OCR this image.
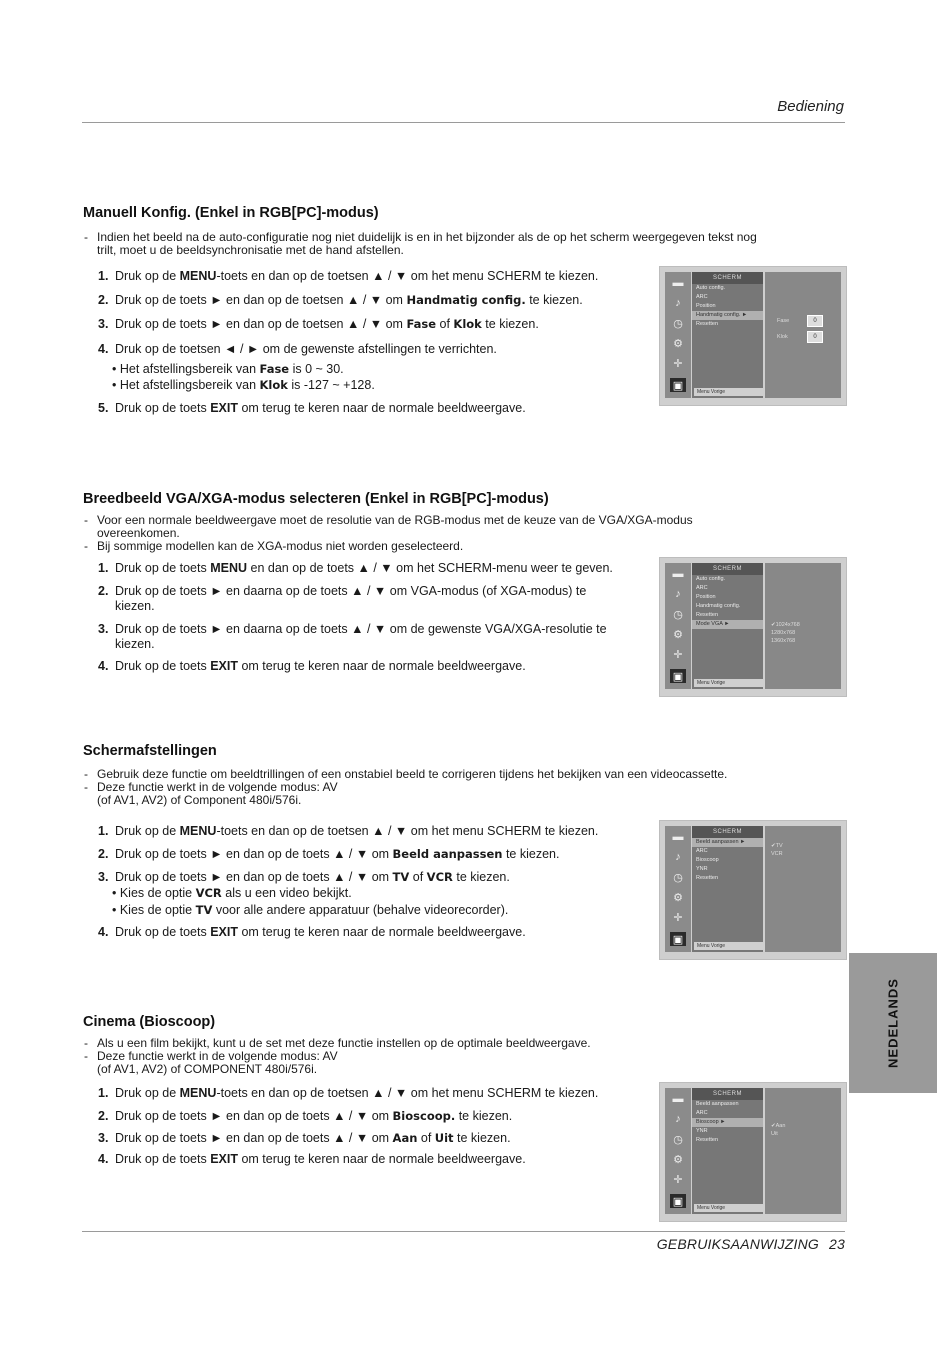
Bediening
Manuell Konfig. (Enkel in RGB[PC]-modus)
- Indien het beeld na de auto-configuratie nog niet duidelijk is en in het bijzonder als de op het scherm weergegeven tekst nog trilt, moet u de beeldsynchronisatie met de hand afstellen.
1. Druk op de MENU-toets en dan op de toetsen ▲ / ▼ om het menu SCHERM te kiezen.
2. Druk op de toets ► en dan op de toetsen ▲ / ▼ om Handmatig config. te kiezen.
3. Druk op de toets ► en dan op de toetsen ▲ / ▼ om Fase of Klok te kiezen.
4. Druk op de toetsen ◄ / ► om de gewenste afstellingen te verrichten.
• Het afstellingsbereik van Fase is 0 ~ 30.
• Het afstellingsbereik van Klok is -127 ~ +128.
5. Druk op de toets EXIT om terug te keren naar de normale beeldweergave.
▬
♪
◷
⚙
✛
▣
SCHERM
Auto config.
ARC
Position
Handmatig config. ►
Resetten
Menu Vorige
Fase	0
Klok	0
Breedbeeld VGA/XGA-modus selecteren (Enkel in RGB[PC]-modus)
- Voor een normale beeldweergave moet de resolutie van de RGB-modus met de keuze van de VGA/XGA-modus overeenkomen.
- Bij sommige modellen kan de XGA-modus niet worden geselecteerd.
1. Druk op de toets MENU en dan op de toets ▲ / ▼ om het SCHERM-menu weer te geven.
2. Druk op de toets ► en daarna op de toets ▲ / ▼ om VGA-modus (of XGA-modus) te kiezen.
3. Druk op de toets ► en daarna op de toets ▲ / ▼ om de gewenste VGA/XGA-resolutie te kiezen.
4. Druk op de toets EXIT om terug te keren naar de normale beeldweergave.
▬
♪
◷
⚙
✛
▣
SCHERM
Auto config.
ARC
Position
Handmatig config.
Resetten
Mode VGA ►
Menu Vorige
✔1024x768
1280x768
1360x768
Schermafstellingen
- Gebruik deze functie om beeldtrillingen of een onstabiel beeld te corrigeren tijdens het bekijken van een videocassette.
- Deze functie werkt in de volgende modus: AV (of AV1, AV2) of Component 480i/576i.
1. Druk op de MENU-toets en dan op de toetsen ▲ / ▼ om het menu SCHERM te kiezen.
2. Druk op de toets ► en dan op de toets ▲ / ▼ om Beeld aanpassen te kiezen.
3. Druk op de toets ► en dan op de toets ▲ / ▼ om TV of VCR te kiezen.
• Kies de optie VCR als u een video bekijkt.
• Kies de optie TV voor alle andere apparatuur (behalve videorecorder).
4. Druk op de toets EXIT om terug te keren naar de normale beeldweergave.
▬
♪
◷
⚙
✛
▣
SCHERM
Beeld aanpassen ►
ARC
Bioscoop
YNR
Resetten
Menu Vorige
✔TV
VCR
NEDELANDS
Cinema (Bioscoop)
- Als u een film bekijkt, kunt u de set met deze functie instellen op de optimale beeldweergave.
- Deze functie werkt in de volgende modus: AV (of AV1, AV2) of COMPONENT 480i/576i.
1. Druk op de MENU-toets en dan op de toetsen ▲ / ▼ om het menu SCHERM te kiezen.
2. Druk op de toets ► en dan op de toets ▲ / ▼ om Bioscoop. te kiezen.
3. Druk op de toets ► en dan op de toets ▲ / ▼ om Aan of Uit te kiezen.
4. Druk op de toets EXIT om terug te keren naar de normale beeldweergave.
▬
♪
◷
⚙
✛
▣
SCHERM
Beeld aanpassen
ARC
Bioscoop ►
YNR
Resetten
Menu Vorige
✔Aan
Uit
GEBRUIKSAANWIJZING 23
